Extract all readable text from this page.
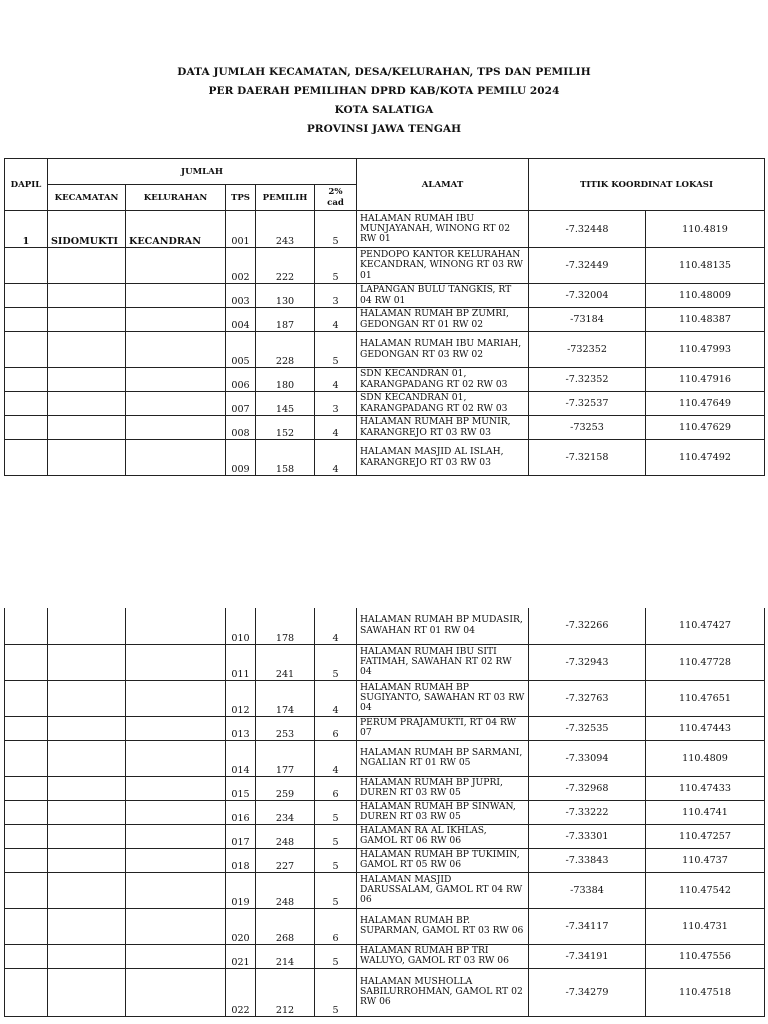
DATA JUMLAH KECAMATAN, DESA/KELURAHAN, TPS DAN PEMILIH
PER DAERAH PEMILIHAN DPRD KAB/KOTA PEMILU 2024
KOTA SALATIGA
PROVINSI JAWA TENGAH
DAPIL	JUMLAH					ALAMAT	TITIK KOORDINAT LOKASI	
	KECAMATAN	KELURAHAN	TPS	PEMILIH	2%
cad			
1	SIDOMUKTI	KECANDRAN	001	243	5	HALAMAN RUMAH IBU MUNJAYANAH, WINONG RT 02 RW 01	-7.32448	110.4819
			002	222	5	PENDOPO KANTOR KELURAHAN KECANDRAN, WINONG RT 03 RW 01	-7.32449	110.48135
			003	130	3	LAPANGAN BULU TANGKIS, RT 04 RW 01	-7.32004	110.48009
			004	187	4	HALAMAN RUMAH BP ZUMRI, GEDONGAN RT 01 RW 02	-73184	110.48387
			005	228	5	HALAMAN RUMAH IBU MARIAH, GEDONGAN RT 03 RW 02	-732352	110.47993
			006	180	4	SDN KECANDRAN 01, KARANGPADANG RT 02 RW 03	-7.32352	110.47916
			007	145	3	SDN KECANDRAN 01, KARANGPADANG RT 02 RW 03	-7.32537	110.47649
			008	152	4	HALAMAN RUMAH BP MUNIR, KARANGREJO RT 03 RW 03	-73253	110.47629
			009	158	4	HALAMAN MASJID AL ISLAH, KARANGREJO RT 03 RW 03	-7.32158	110.47492
			010	178	4	HALAMAN RUMAH BP MUDASIR, SAWAHAN RT 01 RW 04	-7.32266	110.47427
			011	241	5	HALAMAN RUMAH IBU SITI FATIMAH, SAWAHAN RT 02 RW 04	-7.32943	110.47728
			012	174	4	HALAMAN RUMAH BP SUGIYANTO, SAWAHAN RT 03 RW 04	-7.32763	110.47651
			013	253	6	PERUM PRAJAMUKTI, RT 04 RW 07	-7.32535	110.47443
			014	177	4	HALAMAN RUMAH BP SARMANI, NGALIAN RT 01 RW 05	-7.33094	110.4809
			015	259	6	HALAMAN RUMAH BP JUPRI, DUREN RT 03 RW 05	-7.32968	110.47433
			016	234	5	HALAMAN RUMAH BP SINWAN, DUREN RT 03 RW 05	-7.33222	110.4741
			017	248	5	HALAMAN RA AL IKHLAS, GAMOL RT 06 RW 06	-7.33301	110.47257
			018	227	5	HALAMAN RUMAH BP TUKIMIN, GAMOL RT 05 RW 06	-7.33843	110.4737
			019	248	5	HALAMAN MASJID DARUSSALAM, GAMOL RT 04 RW 06	-73384	110.47542
			020	268	6	HALAMAN RUMAH BP. SUPARMAN, GAMOL RT 03 RW 06	-7.34117	110.4731
			021	214	5	HALAMAN RUMAH BP TRI WALUYO, GAMOL RT 03 RW 06	-7.34191	110.47556
			022	212	5	HALAMAN MUSHOLLA SABILURROHMAN, GAMOL RT 02 RW 06	-7.34279	110.47518
